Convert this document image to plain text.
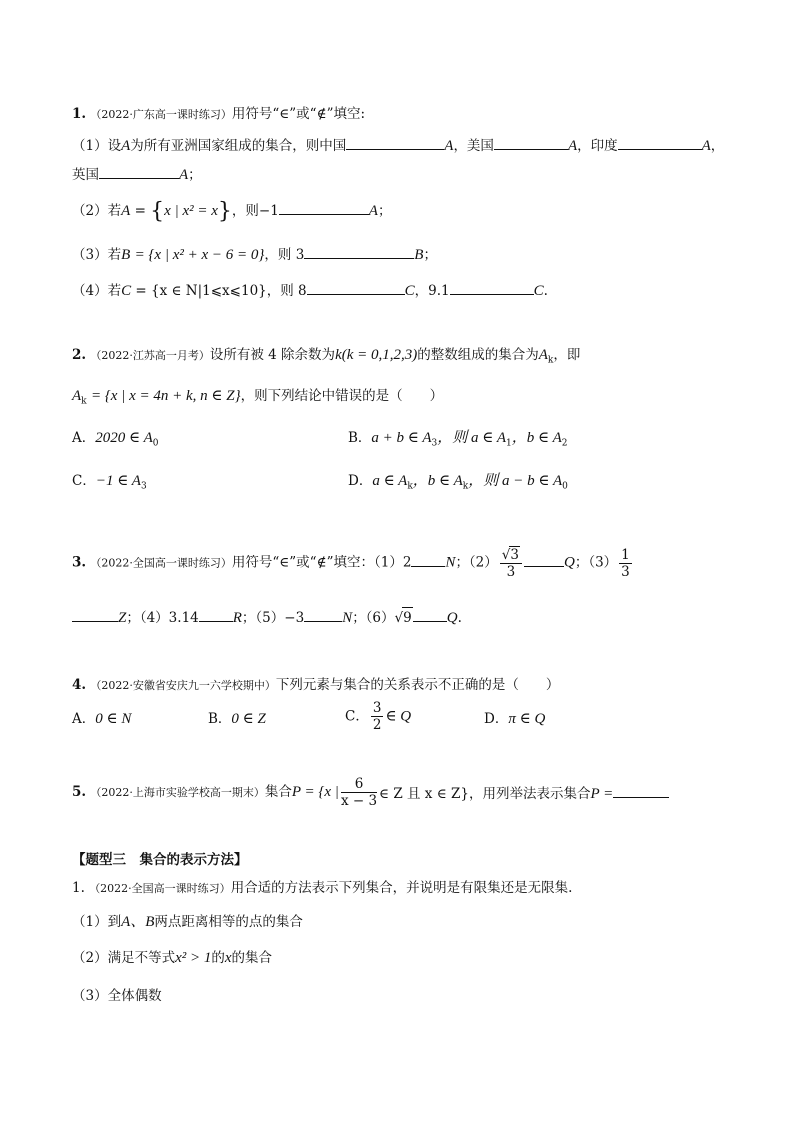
1. （2022·广东高一课时练习）用符号“∈”或“∉”填空:
（1）设A为所有亚洲国家组成的集合，则中国	A，美国	A，印度	A，
英国	A；
（2）若A = {x | x² = x}，则−1	A；
（3）若B = {x | x² + x − 6 = 0}，则 3	B；
（4）若C = {x ∈ N|1⩽x⩽10}，则 8	C，9.1	C.
2. （2022·江苏高一月考）设所有被 4 除余数为k(k = 0,1,2,3)的整数组成的集合为$A_k$，即
$A_k = \{x$ | x = 4n + k, n ∈ Z}，则下列结论中错误的是（　　）
A．2020 ∈ $A_0$	B．a + b ∈ $A_3$，则 a ∈ $A_1$，b ∈ $A_2$
C．−1 ∈ $A_3$	D．a ∈ $A_k$，b ∈ $A_k$，则 a − b ∈ $A_0$
3. （2022·全国高一课时练习）用符号“∈”或“∉”填空：（1）2 N；$(2) \frac{√3}{3}$	Q；$(3) \frac{1}{3}$
Z；（4）3.14 R；（5）−3	N；（6）√9 Q.
4. （2022·安徽省安庆九一六学校期中）下列元素与集合的关系表示不正确的是（　　）
A．0 ∈ N	B．0 ∈ Z	C． $\frac{3}{2}$ ∈ Q	D．π ∈ Q
5. （2022·上海市实验学校高一期末）集合P = {x | $\frac{6}{x - 3}$ ∈ Z 且 x ∈ Z}，用列举法表示集合P =
【题型三　集合的表示方法】
1. （2022·全国高一课时练习）用合适的方法表示下列集合，并说明是有限集还是无限集.
（1）到A、B两点距离相等的点的集合
（2）满足不等式x² > 1的x的集合
（3）全体偶数
